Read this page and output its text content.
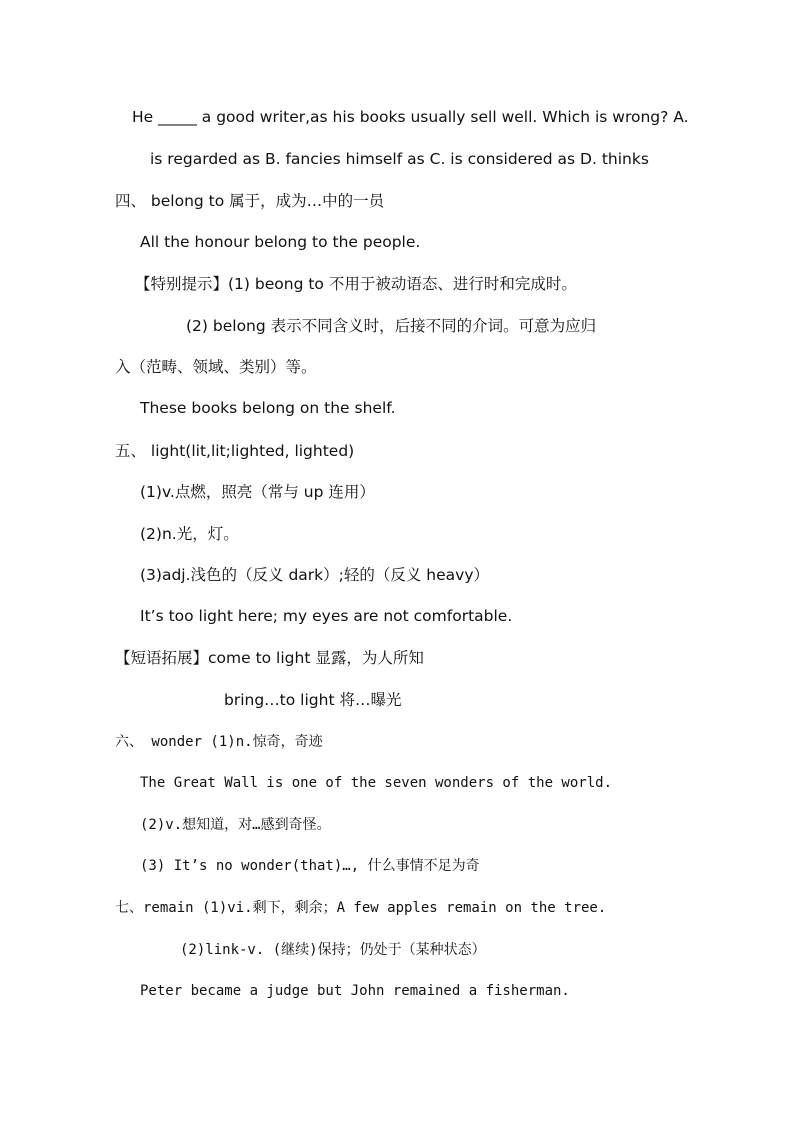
He _____ a good writer,as his books usually sell well. Which is wrong? A.
is regarded as B. fancies himself as C. is considered as D. thinks
四、 belong to 属于，成为…中的一员
All the honour belong to the people.
【特别提示】(1) beong to 不用于被动语态、进行时和完成时。
(2) belong 表示不同含义时，后接不同的介词。可意为应归
入（范畴、领域、类别）等。
These books belong on the shelf.
五、 light(lit,lit;lighted, lighted)
(1)v.点燃，照亮（常与 up 连用）
(2)n.光，灯。
(3)adj.浅色的（反义 dark）;轻的（反义 heavy）
It’s too light here; my eyes are not comfortable.
【短语拓展】come to light 显露，为人所知
bring…to light 将…曝光
六、 wonder (1)n.惊奇，奇迹
The Great Wall is one of the seven wonders of the world.
(2)v.想知道，对…感到奇怪。
(3) It’s no wonder(that)…, 什么事情不足为奇
七、remain (1)vi.剩下，剩余；A few apples remain on the tree.
(2)link-v. (继续)保持；仍处于（某种状态）
Peter became a judge but John remained a fisherman.
